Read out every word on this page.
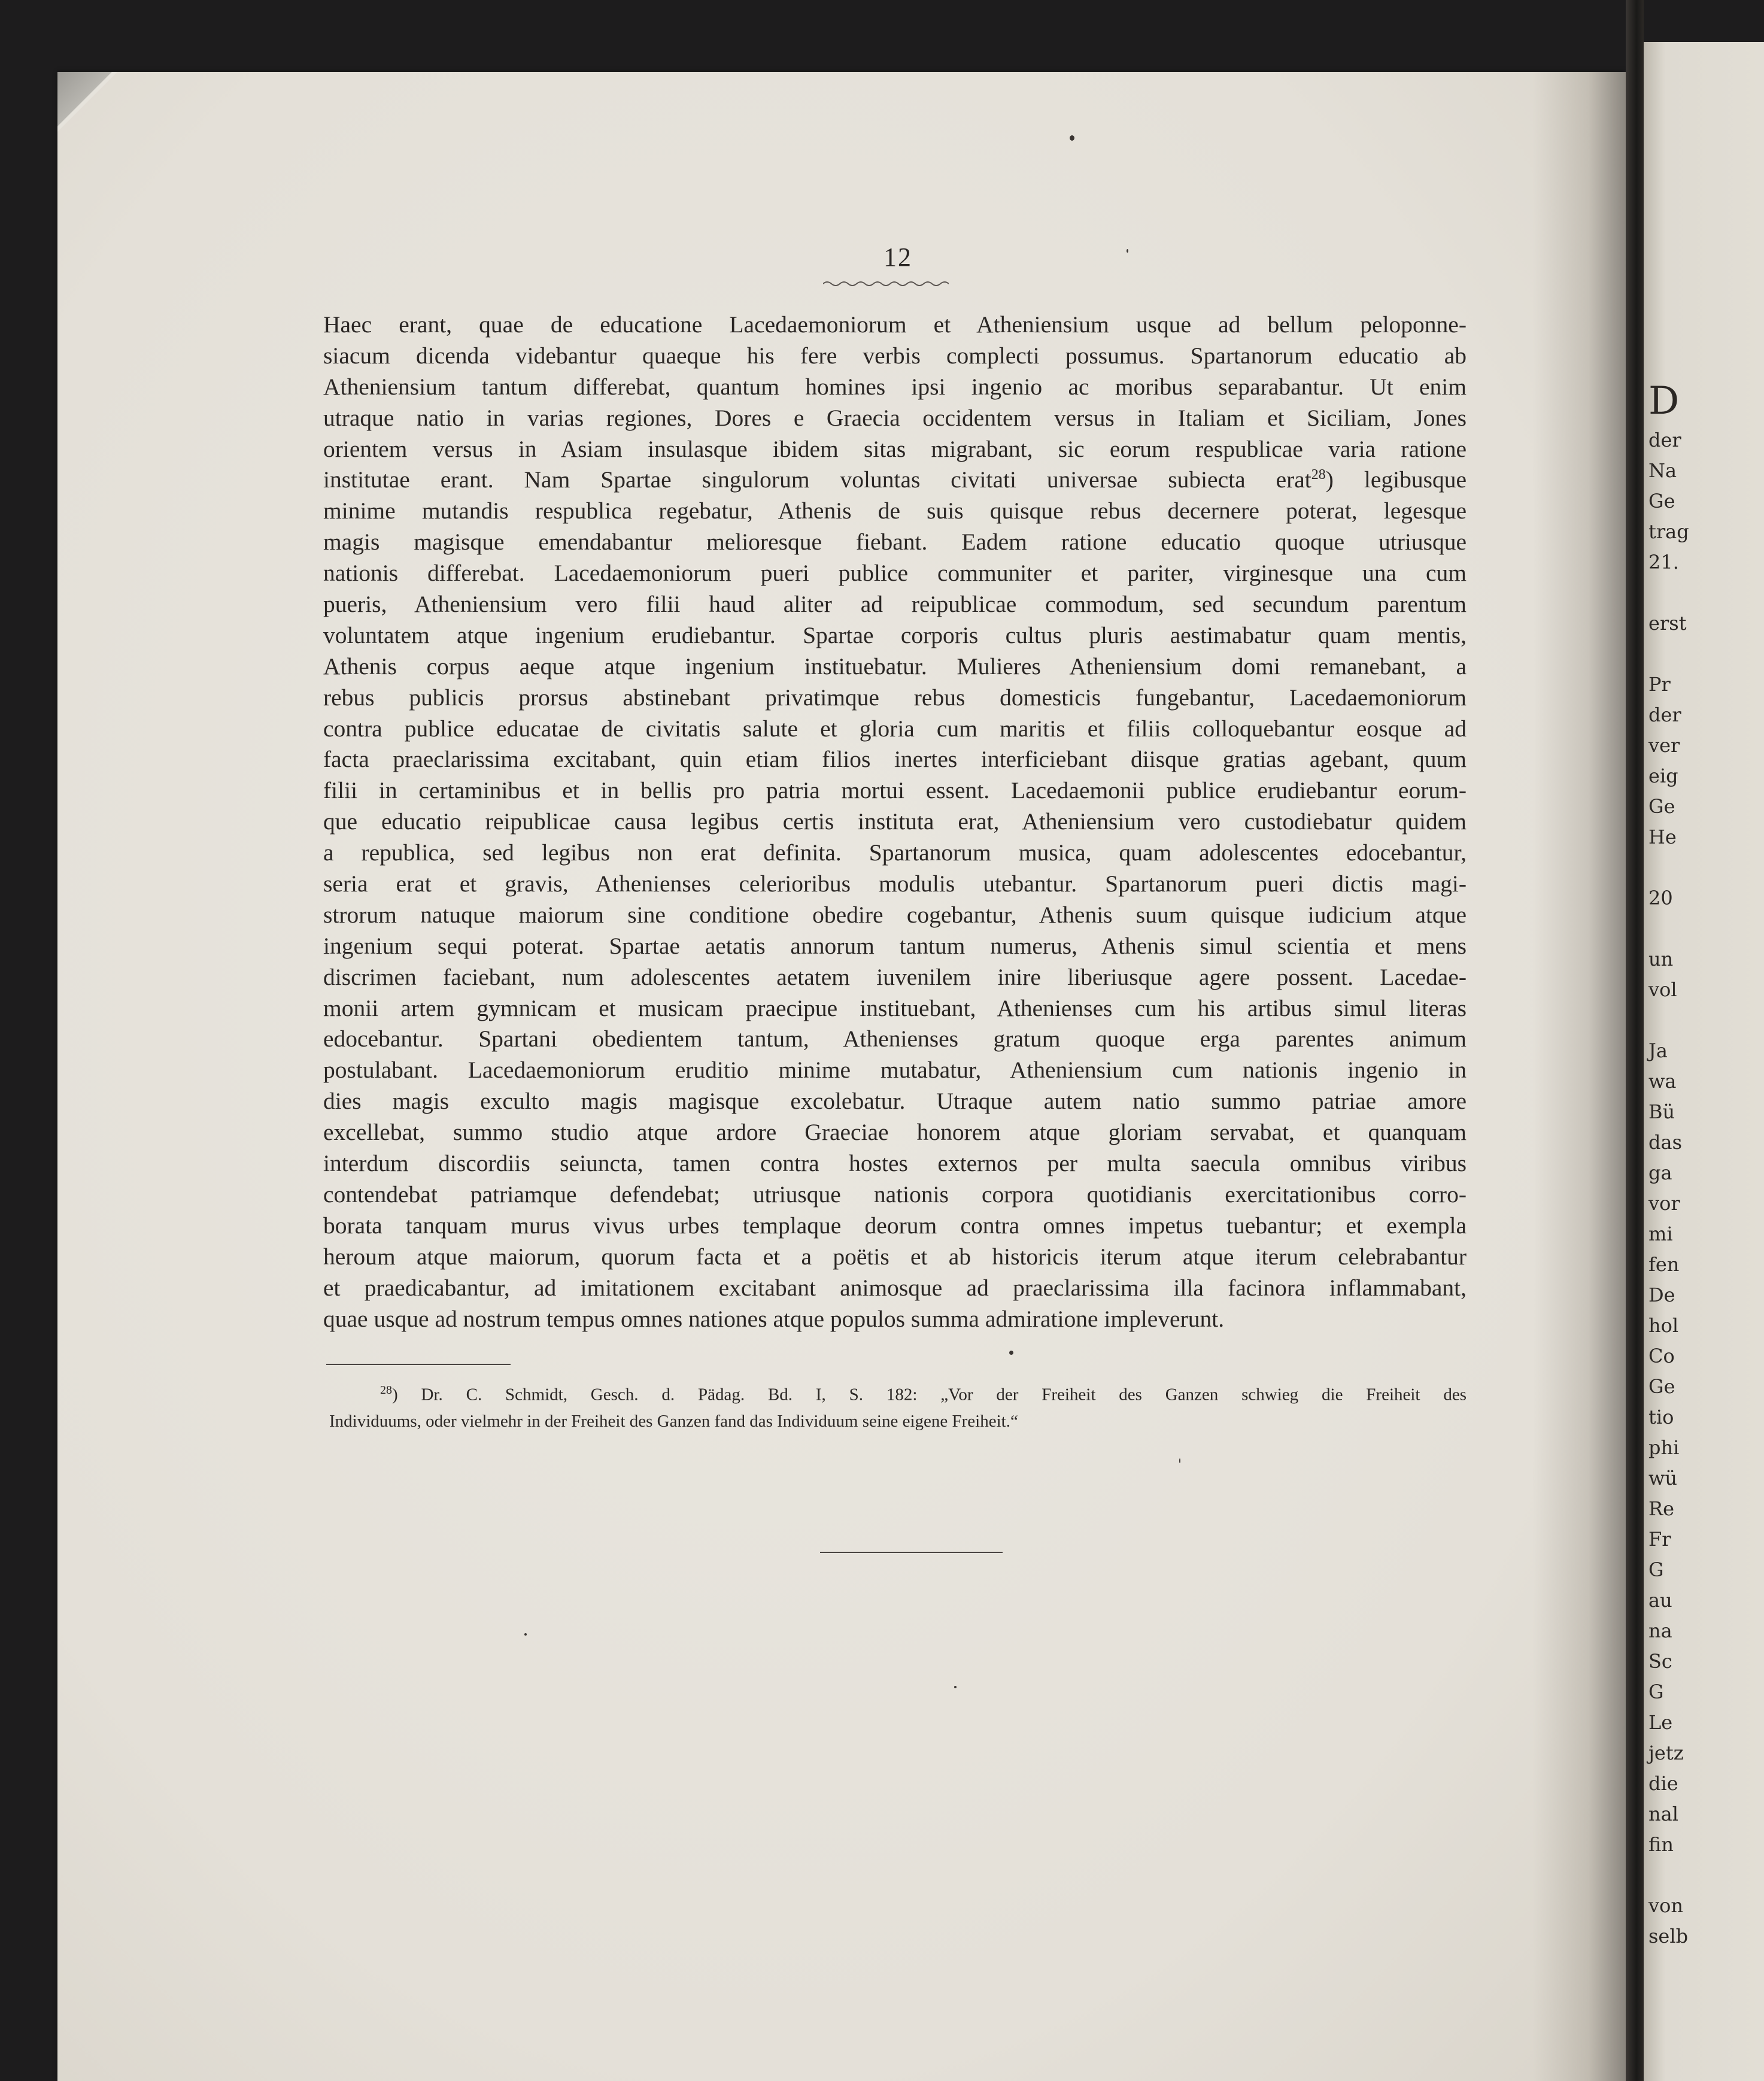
D
der
Na
Ge
trag
21.

erst

Pr
der
ver
eig
Ge
He

20

un
vol

Ja
wa
Bü
das
ga
vor
mi
fen
De
hol
Co
Ge
tio
phi
wü
Re
Fr
G
au
na
Sc
G
Le
jetz
die
nal
fin

von
selb
12
Haec erant, quae de educatione Lacedaemoniorum et Atheniensium usque ad bellum peloponne-
siacum dicenda videbantur quaeque his fere verbis complecti possumus. Spartanorum educatio ab
Atheniensium tantum differebat, quantum homines ipsi ingenio ac moribus separabantur. Ut enim
utraque natio in varias regiones, Dores e Graecia occidentem versus in Italiam et Siciliam, Jones
orientem versus in Asiam insulasque ibidem sitas migrabant, sic eorum respublicae varia ratione
institutae erant. Nam Spartae singulorum voluntas civitati universae subiecta erat$^{28}$) legibusque
minime mutandis respublica regebatur, Athenis de suis quisque rebus decernere poterat, legesque
magis magisque emendabantur melioresque fiebant. Eadem ratione educatio quoque utriusque
nationis differebat. Lacedaemoniorum pueri publice communiter et pariter, virginesque una cum
pueris, Atheniensium vero filii haud aliter ad reipublicae commodum, sed secundum parentum
voluntatem atque ingenium erudiebantur. Spartae corporis cultus pluris aestimabatur quam mentis,
Athenis corpus aeque atque ingenium instituebatur. Mulieres Atheniensium domi remanebant, a
rebus publicis prorsus abstinebant privatimque rebus domesticis fungebantur, Lacedaemoniorum
contra publice educatae de civitatis salute et gloria cum maritis et filiis colloquebantur eosque ad
facta praeclarissima excitabant, quin etiam filios inertes interficiebant diisque gratias agebant, quum
filii in certaminibus et in bellis pro patria mortui essent. Lacedaemonii publice erudiebantur eorum-
que educatio reipublicae causa legibus certis instituta erat, Atheniensium vero custodiebatur quidem
a republica, sed legibus non erat definita. Spartanorum musica, quam adolescentes edocebantur,
seria erat et gravis, Athenienses celerioribus modulis utebantur. Spartanorum pueri dictis magi-
strorum natuque maiorum sine conditione obedire cogebantur, Athenis suum quisque iudicium atque
ingenium sequi poterat. Spartae aetatis annorum tantum numerus, Athenis simul scientia et mens
discrimen faciebant, num adolescentes aetatem iuvenilem inire liberiusque agere possent. Lacedae-
monii artem gymnicam et musicam praecipue instituebant, Athenienses cum his artibus simul literas
edocebantur. Spartani obedientem tantum, Athenienses gratum quoque erga parentes animum
postulabant. Lacedaemoniorum eruditio minime mutabatur, Atheniensium cum nationis ingenio in
dies magis exculto magis magisque excolebatur. Utraque autem natio summo patriae amore
excellebat, summo studio atque ardore Graeciae honorem atque gloriam servabat, et quanquam
interdum discordiis seiuncta, tamen contra hostes externos per multa saecula omnibus viribus
contendebat patriamque defendebat; utriusque nationis corpora quotidianis exercitationibus corro-
borata tanquam murus vivus urbes templaque deorum contra omnes impetus tuebantur; et exempla
heroum atque maiorum, quorum facta et a poëtis et ab historicis iterum atque iterum celebrabantur
et praedicabantur, ad imitationem excitabant animosque ad praeclarissima illa facinora inflammabant,
quae usque ad nostrum tempus omnes nationes atque populos summa admiratione impleverunt.
$^{28}$) Dr. C. Schmidt, Gesch. d. Pädag. Bd. I, S. 182: „Vor der Freiheit des Ganzen schwieg die Freiheit des
Individuums, oder vielmehr in der Freiheit des Ganzen fand das Individuum seine eigene Freiheit.“
